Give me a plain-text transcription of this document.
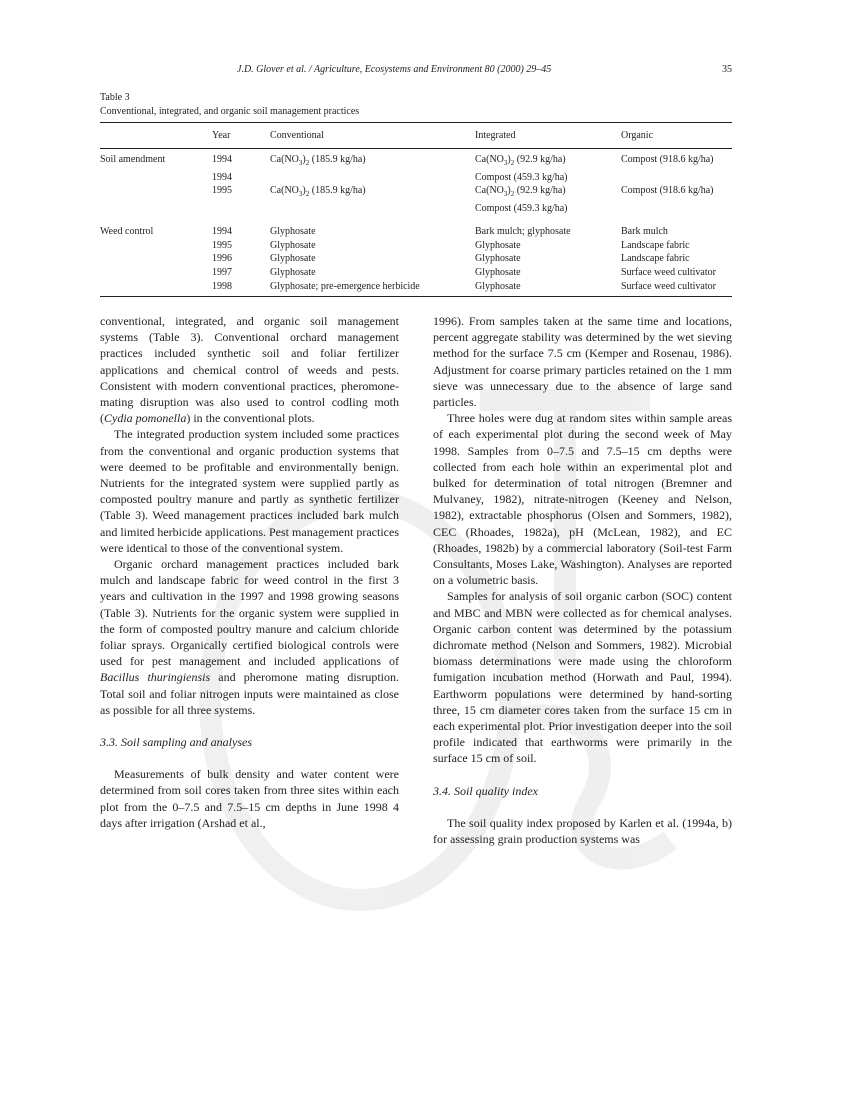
J.D. Glover et al. / Agriculture, Ecosystems and Environment 80 (2000) 29–45	35
Table 3
Conventional, integrated, and organic soil management practices
	Year	Conventional	Integrated	Organic
Soil amendment	1994	$Ca(NO_3)_2$ (185.9 kg/ha)	$Ca(NO_3)_2$ (92.9 kg/ha)	Compost (918.6 kg/ha)
	1994		Compost (459.3 kg/ha)	
	1995	$Ca(NO_3)_2$ (185.9 kg/ha)	$Ca(NO_3)_2$ (92.9 kg/ha)	Compost (918.6 kg/ha)
			Compost (459.3 kg/ha)	
Weed control	1994	Glyphosate	Bark mulch; glyphosate	Bark mulch
	1995	Glyphosate	Glyphosate	Landscape fabric
	1996	Glyphosate	Glyphosate	Landscape fabric
	1997	Glyphosate	Glyphosate	Surface weed cultivator
	1998	Glyphosate; pre-emergence herbicide	Glyphosate	Surface weed cultivator

conventional, integrated, and organic soil management systems (Table 3). Conventional orchard management practices included synthetic soil and foliar fertilizer applications and chemical control of weeds and pests. Consistent with modern conventional practices, pheromone-mating disruption was also used to control codling moth (Cydia pomonella) in the conventional plots.

The integrated production system included some practices from the conventional and organic production systems that were deemed to be profitable and environmentally benign. Nutrients for the integrated system were supplied partly as composted poultry manure and partly as synthetic fertilizer (Table 3). Weed management practices included bark mulch and limited herbicide applications. Pest management practices were identical to those of the conventional system.

Organic orchard management practices included bark mulch and landscape fabric for weed control in the first 3 years and cultivation in the 1997 and 1998 growing seasons (Table 3). Nutrients for the organic system were supplied in the form of composted poultry manure and calcium chloride foliar sprays. Organically certified biological controls were used for pest management and included applications of Bacillus thuringiensis and pheromone mating disruption. Total soil and foliar nitrogen inputs were maintained as close as possible for all three systems.

3.3. Soil sampling and analyses

Measurements of bulk density and water content were determined from soil cores taken from three sites within each plot from the 0–7.5 and 7.5–15 cm depths in June 1998 4 days after irrigation (Arshad et al.,

1996). From samples taken at the same time and locations, percent aggregate stability was determined by the wet sieving method for the surface 7.5 cm (Kemper and Rosenau, 1986). Adjustment for coarse primary particles retained on the 1 mm sieve was unnecessary due to the absence of large sand particles.

Three holes were dug at random sites within sample areas of each experimental plot during the second week of May 1998. Samples from 0–7.5 and 7.5–15 cm depths were collected from each hole within an experimental plot and bulked for determination of total nitrogen (Bremner and Mulvaney, 1982), nitrate-nitrogen (Keeney and Nelson, 1982), extractable phosphorus (Olsen and Sommers, 1982), CEC (Rhoades, 1982a), pH (McLean, 1982), and EC (Rhoades, 1982b) by a commercial laboratory (Soil-test Farm Consultants, Moses Lake, Washington). Analyses are reported on a volumetric basis.

Samples for analysis of soil organic carbon (SOC) content and MBC and MBN were collected as for chemical analyses. Organic carbon content was determined by the potassium dichromate method (Nelson and Sommers, 1982). Microbial biomass determinations were made using the chloroform fumigation incubation method (Horwath and Paul, 1994). Earthworm populations were determined by hand-sorting three, 15 cm diameter cores taken from the surface 15 cm in each experimental plot. Prior investigation deeper into the soil profile indicated that earthworms were primarily in the surface 15 cm of soil.

3.4. Soil quality index

The soil quality index proposed by Karlen et al. (1994a, b) for assessing grain production systems was
